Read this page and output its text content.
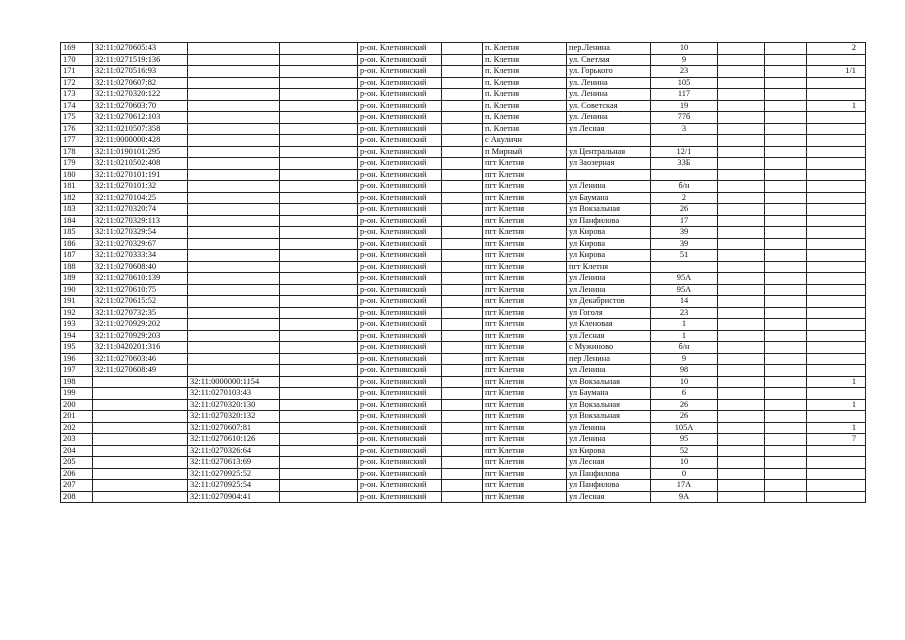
169	32:11:0270605:43			р-он. Клетнянский		п. Клетня	пер.Ленина	10			2
170	32:11:0271519:136			р-он. Клетнянский		п. Клетня	ул. Светлая	9			
171	32:11:0270516:93			р-он. Клетнянский		п. Клетня	ул. Горького	23			1/1
172	32:11:0270607:82			р-он. Клетнянский		п. Клетня	ул. Ленина	105			
173	32:11:0270320:122			р-он. Клетнянский		п. Клетня	ул. Ленина	117			
174	32:11:0270603:70			р-он. Клетнянский		п. Клетня	ул. Советская	19			1
175	32:11:0270612:103			р-он. Клетнянский		п. Клетня	ул. Ленина	77б			
176	32:11:0210507:358			р-он. Клетнянский		п. Клетня	ул Лесная	3			
177	32:11:0000000:428			р-он. Клетнянский		с Акуличи					
178	32:11:0190101:295			р-он. Клетнянский		п Мирный	ул Центральная	12/1			
179	32:11:0210502:408			р-он. Клетнянский		пгт Клетня	ул Заозерная	33Б			
180	32:11:0270101:191			р-он. Клетнянский		пгт Клетня					
181	32:11:0270101:32			р-он. Клетнянский		пгт Клетня	ул Ленина	б/н			
182	32:11:0270104:25			р-он. Клетнянский		пгт Клетня	ул Баумана	2			
183	32:11:0270320:74			р-он. Клетнянский		пгт Клетня	ул Вокзальная	26			
184	32:11:0270329:113			р-он. Клетнянский		пгт Клетня	ул Панфилова	17			
185	32:11:0270329:54			р-он. Клетнянский		пгт Клетня	ул Кирова	39			
186	32:11:0270329:67			р-он. Клетнянский		пгт Клетня	ул Кирова	39			
187	32:11:0270333:34			р-он. Клетнянский		пгт Клетня	ул Кирова	51			
188	32:11:0270608:40			р-он. Клетнянский		пгт Клетня	пгт Клетня				
189	32:11:0270610:139			р-он. Клетнянский		пгт Клетня	ул Ленина	95А			
190	32:11:0270610:75			р-он. Клетнянский		пгт Клетня	ул Ленина	95А			
191	32:11:0270615:52			р-он. Клетнянский		пгт Клетня	ул Декабристов	14			
192	32:11:0270732:35			р-он. Клетнянский		пгт Клетня	ул Гоголя	23			
193	32:11:0270929:202			р-он. Клетнянский		пгт Клетня	ул Кленовая	1			
194	32:11:0270929:203			р-он. Клетнянский		пгт Клетня	ул Лесная	1			
195	32:11:0420201:316			р-он. Клетнянский		пгт Клетня	с Мужиново	б/н			
196	32:11:0270603:46			р-он. Клетнянский		пгт Клетня	пер Ленина	9			
197	32:11:0270608:49			р-он. Клетнянский		пгт Клетня	ул Ленина	98			
198		32:11:0000000:1154		р-он. Клетнянский		пгт Клетня	ул Вокзальная	10			1
199		32:11:0270103:43		р-он. Клетнянский		пгт Клетня	ул Баумана	6			
200		32:11:0270320:130		р-он. Клетнянский		пгт Клетня	ул Вокзальная	26			1
201		32:11:0270320:132		р-он. Клетнянский		пгт Клетня	ул Вокзальная	26			
202		32:11:0270607:81		р-он. Клетнянский		пгт Клетня	ул Ленина	105А			1
203		32:11:0270610:126		р-он. Клетнянский		пгт Клетня	ул Ленина	95			7
204		32:11:0270326:64		р-он. Клетнянский		пгт Клетня	ул Кирова	52			
205		32:11:0270613:69		р-он. Клетнянский		пгт Клетня	ул Лесная	10			
206		32:11:0270925:52		р-он. Клетнянский		пгт Клетня	ул Панфилова	0			
207		32:11:0270925:54		р-он. Клетнянский		пгт Клетня	ул Панфилова	17А			
208		32:11:0270904:41		р-он. Клетнянский		пгт Клетня	ул Лесная	9А			
